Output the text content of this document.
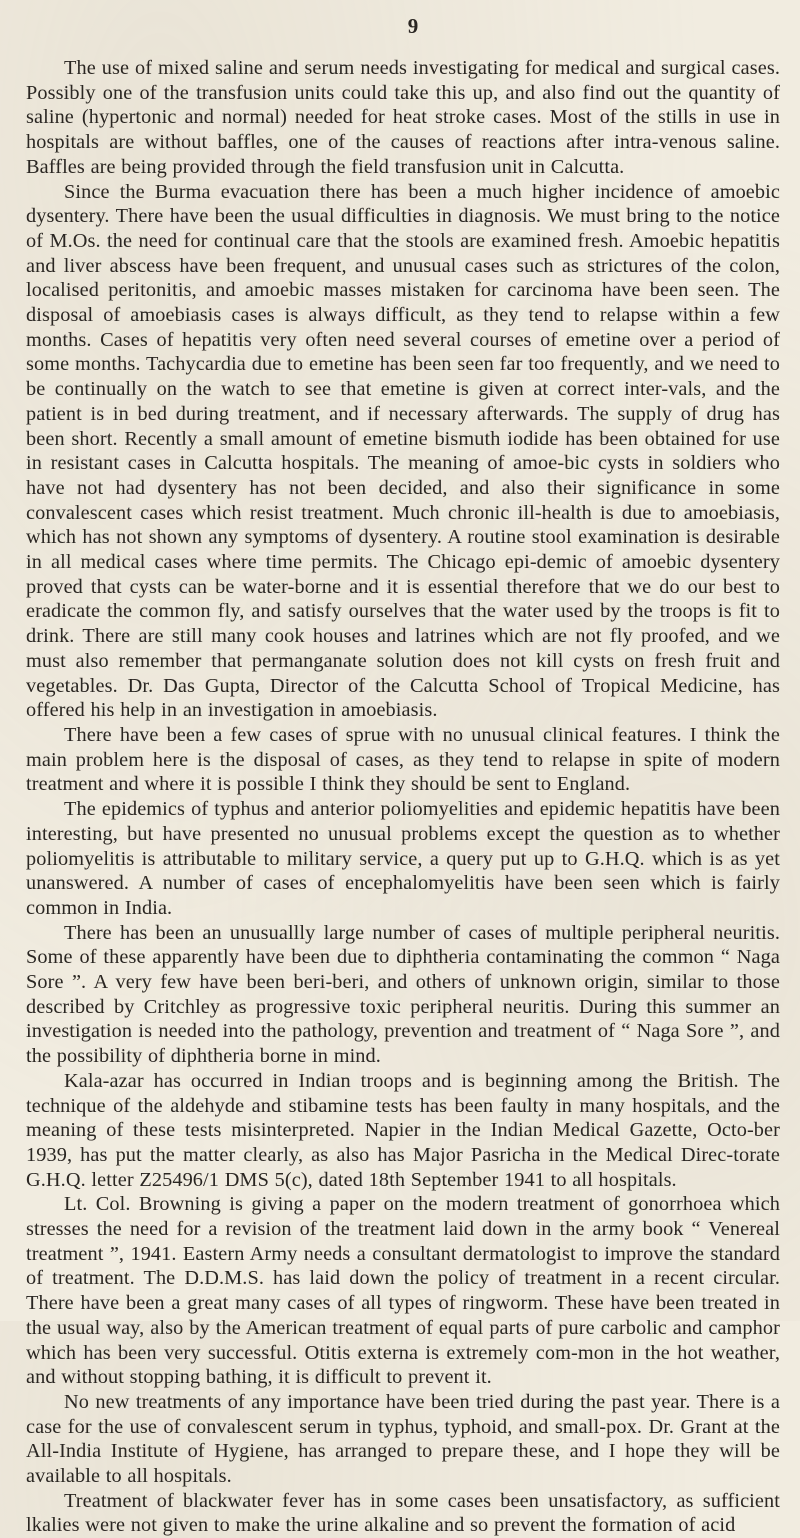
9

The use of mixed saline and serum needs investigating for medical and surgical cases. Possibly one of the transfusion units could take this up, and also find out the quantity of saline (hypertonic and normal) needed for heat stroke cases. Most of the stills in use in hospitals are without baffles, one of the causes of reactions after intra-venous saline. Baffles are being provided through the field transfusion unit in Calcutta.

Since the Burma evacuation there has been a much higher incidence of amoebic dysentery. There have been the usual difficulties in diagnosis. We must bring to the notice of M.Os. the need for continual care that the stools are examined fresh. Amoebic hepatitis and liver abscess have been frequent, and unusual cases such as strictures of the colon, localised peritonitis, and amoebic masses mistaken for carcinoma have been seen. The disposal of amoebiasis cases is always difficult, as they tend to relapse within a few months. Cases of hepatitis very often need several courses of emetine over a period of some months. Tachycardia due to emetine has been seen far too frequently, and we need to be continually on the watch to see that emetine is given at correct inter-vals, and the patient is in bed during treatment, and if necessary afterwards. The supply of drug has been short. Recently a small amount of emetine bismuth iodide has been obtained for use in resistant cases in Calcutta hospitals. The meaning of amoe-bic cysts in soldiers who have not had dysentery has not been decided, and also their significance in some convalescent cases which resist treatment. Much chronic ill-health is due to amoebiasis, which has not shown any symptoms of dysentery. A routine stool examination is desirable in all medical cases where time permits. The Chicago epi-demic of amoebic dysentery proved that cysts can be water-borne and it is essential therefore that we do our best to eradicate the common fly, and satisfy ourselves that the water used by the troops is fit to drink. There are still many cook houses and latrines which are not fly proofed, and we must also remember that permanganate solution does not kill cysts on fresh fruit and vegetables. Dr. Das Gupta, Director of the Calcutta School of Tropical Medicine, has offered his help in an investigation in amoebiasis.

There have been a few cases of sprue with no unusual clinical features. I think the main problem here is the disposal of cases, as they tend to relapse in spite of modern treatment and where it is possible I think they should be sent to England.

The epidemics of typhus and anterior poliomyelities and epidemic hepatitis have been interesting, but have presented no unusual problems except the question as to whether poliomyelitis is attributable to military service, a query put up to G.H.Q. which is as yet unanswered. A number of cases of encephalomyelitis have been seen which is fairly common in India.

There has been an unusuallly large number of cases of multiple peripheral neuritis. Some of these apparently have been due to diphtheria contaminating the common “ Naga Sore ”. A very few have been beri-beri, and others of unknown origin, similar to those described by Critchley as progressive toxic peripheral neuritis. During this summer an investigation is needed into the pathology, prevention and treatment of “ Naga Sore ”, and the possibility of diphtheria borne in mind.

Kala-azar has occurred in Indian troops and is beginning among the British. The technique of the aldehyde and stibamine tests has been faulty in many hospitals, and the meaning of these tests misinterpreted. Napier in the Indian Medical Gazette, Octo-ber 1939, has put the matter clearly, as also has Major Pasricha in the Medical Direc-torate G.H.Q. letter Z25496/1 DMS 5(c), dated 18th September 1941 to all hospitals.

Lt. Col. Browning is giving a paper on the modern treatment of gonorrhoea which stresses the need for a revision of the treatment laid down in the army book “ Venereal treatment ”, 1941. Eastern Army needs a consultant dermatologist to improve the standard of treatment. The D.D.M.S. has laid down the policy of treatment in a recent circular. There have been a great many cases of all types of ringworm. These have been treated in the usual way, also by the American treatment of equal parts of pure carbolic and camphor which has been very successful. Otitis externa is extremely com-mon in the hot weather, and without stopping bathing, it is difficult to prevent it.

No new treatments of any importance have been tried during the past year. There is a case for the use of convalescent serum in typhus, typhoid, and small-pox. Dr. Grant at the All-India Institute of Hygiene, has arranged to prepare these, and I hope they will be available to all hospitals.

Treatment of blackwater fever has in some cases been unsatisfactory, as sufficient lkalies were not given to make the urine alkaline and so prevent the formation of acid
